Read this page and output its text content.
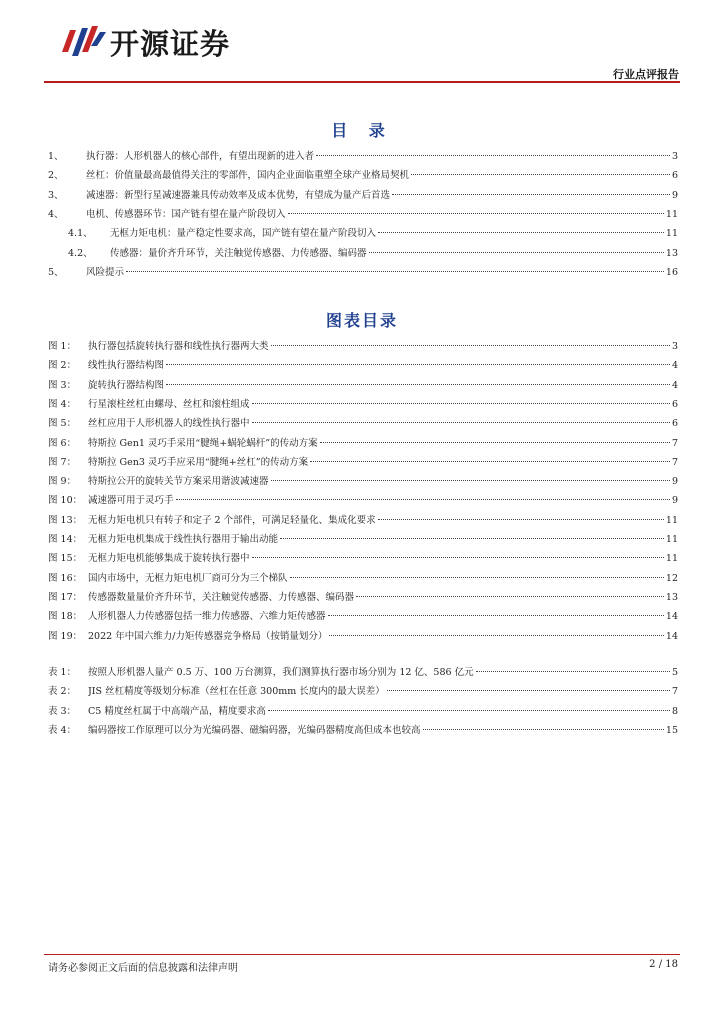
开源证券
行业点评报告
目 录
1、	执行器：人形机器人的核心部件，有望出现新的进入者	3
2、	丝杠：价值量最高最值得关注的零部件，国内企业面临重塑全球产业格局契机	6
3、	减速器：新型行星减速器兼具传动效率及成本优势，有望成为量产后首选	9
4、	电机、传感器环节：国产链有望在量产阶段切入	11
4.1、	无框力矩电机：量产稳定性要求高，国产链有望在量产阶段切入	11
4.2、	传感器：量价齐升环节，关注触觉传感器、力传感器、编码器	13
5、	风险提示	16
图表目录
图 1：	执行器包括旋转执行器和线性执行器两大类	3
图 2：	线性执行器结构图	4
图 3：	旋转执行器结构图	4
图 4：	行星滚柱丝杠由螺母、丝杠和滚柱组成	6
图 5：	丝杠应用于人形机器人的线性执行器中	6
图 6：	特斯拉 Gen1 灵巧手采用“腱绳+蜗轮蜗杆”的传动方案	7
图 7：	特斯拉 Gen3 灵巧手应采用“腱绳+丝杠”的传动方案	7
图 9：	特斯拉公开的旋转关节方案采用谐波减速器	9
图 10： 减速器可用于灵巧手	9
图 13： 无框力矩电机只有转子和定子 2 个部件，可满足轻量化、集成化要求	11
图 14： 无框力矩电机集成于线性执行器用于输出动能	11
图 15： 无框力矩电机能够集成于旋转执行器中	11
图 16： 国内市场中，无框力矩电机厂商可分为三个梯队	12
图 17： 传感器数量量价齐升环节，关注触觉传感器、力传感器、编码器	13
图 18： 人形机器人力传感器包括一维力传感器、六维力矩传感器	14
图 19： 2022 年中国六维力/力矩传感器竞争格局（按销量划分）	14
表 1：	按照人形机器人量产 0.5 万、100 万台测算，我们测算执行器市场分别为 12 亿、586 亿元	5
表 2：	JIS 丝杠精度等级划分标准（丝杠在任意 300mm 长度内的最大误差）	7
表 3：	C5 精度丝杠属于中高端产品，精度要求高	8
表 4：	编码器按工作原理可以分为光编码器、磁编码器，光编码器精度高但成本也较高	15
请务必参阅正文后面的信息披露和法律声明	2 / 18
